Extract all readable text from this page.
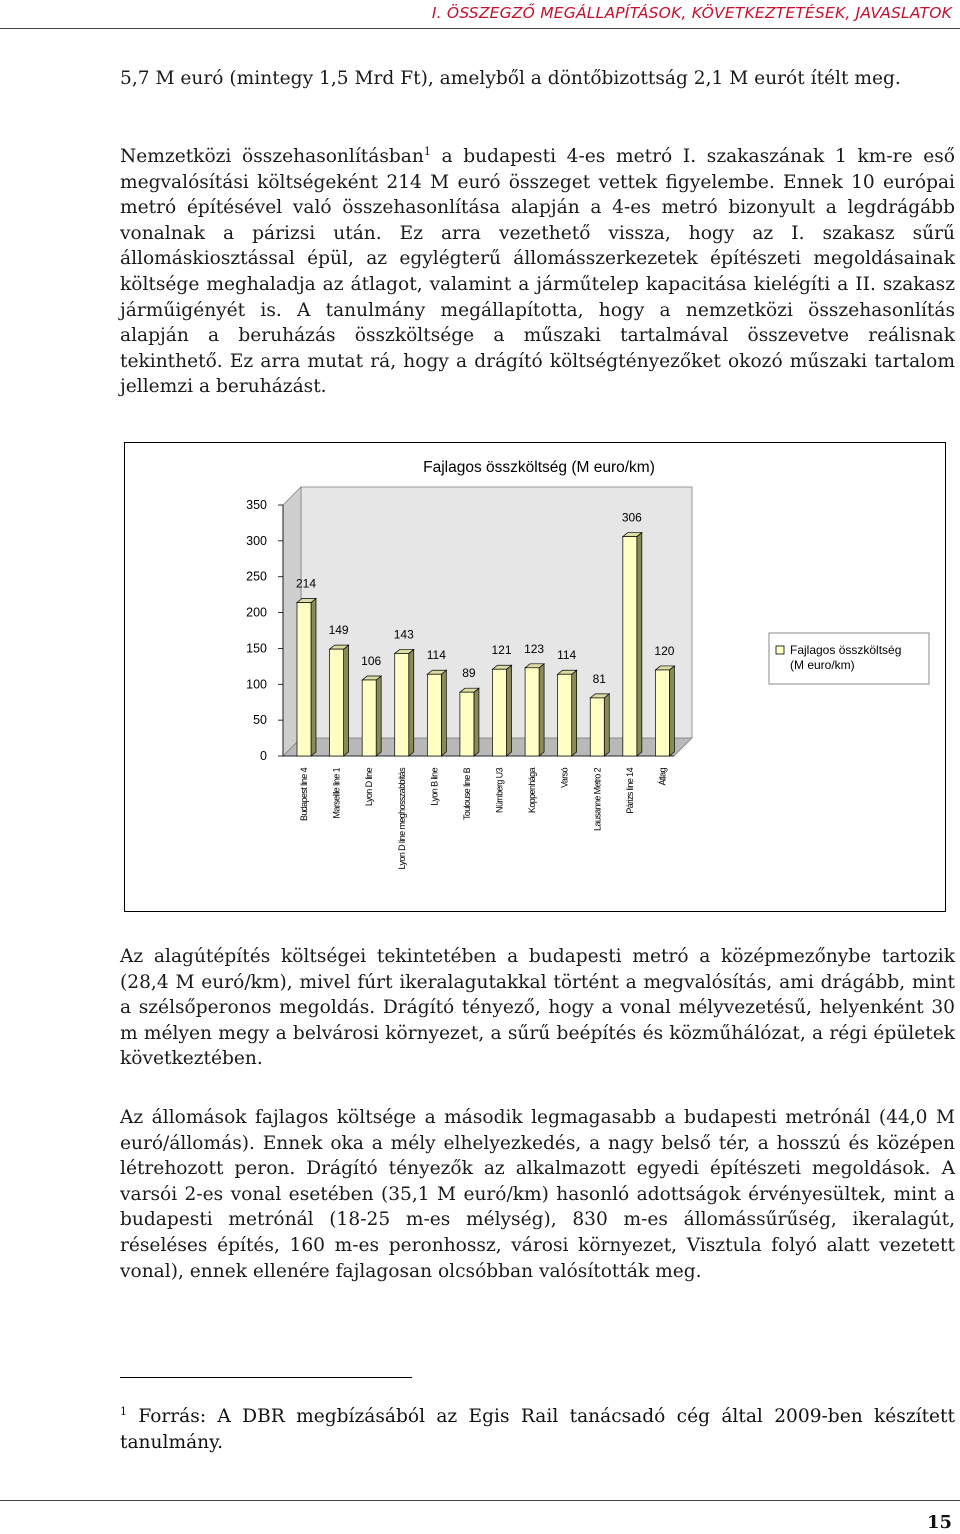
I. ÖSSZEGZŐ MEGÁLLAPÍTÁSOK, KÖVETKEZTETÉSEK, JAVASLATOK

5,7 M euró (mintegy 1,5 Mrd Ft), amelyből a döntőbizottság 2,1 M eurót ítélt meg.

Nemzetközi összehasonlításban$^1$ a budapesti 4-es metró I. szakaszának 1 km-re eső megvalósítási költségeként 214 M euró összeget vettek figyelembe. Ennek 10 európai metró építésével való összehasonlítása alapján a 4-es metró bizonyult a legdrágább vonalnak a párizsi után. Ez arra vezethető vissza, hogy az I. szakasz sűrű állomáskiosztással épül, az egylégterű állomásszerkezetek építészeti megoldásainak költsége meghaladja az átlagot, valamint a járműtelep kapacitása kielégíti a II. szakasz járműigényét is. A tanulmány megállapította, hogy a nemzetközi összehasonlítás alapján a beruházás összköltsége a műszaki tartalmával összevetve reálisnak tekinthető. Ez arra mutat rá, hogy a drágító költségtényezőket okozó műszaki tartalom jellemzi a beruházást.

Fajlagos összköltség (M euro/km)
0
50
100
150
200
250
300
350
214
Budapest line 4
149
Marseille line 1
106
Lyon D line
143
Lyon D line meghosszabbítás
114
Lyon B line
89
Toulouse line B
121
Nürnberg U3
123
Koppenhága
114
Varsó
81
Lausanne Metro 2
306
Párizs line 14
120
Átlag
Fajlagos összköltség
(M euro/km)

Az alagútépítés költségei tekintetében a budapesti metró a középmezőnybe tartozik (28,4 M euró/km), mivel fúrt ikeralagutakkal történt a megvalósítás, ami drágább, mint a szélsőperonos megoldás. Drágító tényező, hogy a vonal mélyvezetésű, helyenként 30 m mélyen megy a belvárosi környezet, a sűrű beépítés és közműhálózat, a régi épületek következtében.

Az állomások fajlagos költsége a második legmagasabb a budapesti metrónál (44,0 M euró/állomás). Ennek oka a mély elhelyezkedés, a nagy belső tér, a hosszú és középen létrehozott peron. Drágító tényezők az alkalmazott egyedi építészeti megoldások. A varsói 2-es vonal esetében (35,1 M euró/km) hasonló adottságok érvényesültek, mint a budapesti metrónál (18-25 m-es mélység), 830 m-es állomássűrűség, ikeralagút, réseléses építés, 160 m-es peronhossz, városi környezet, Visztula folyó alatt vezetett vonal), ennek ellenére fajlagosan olcsóbban valósították meg.

$^1$ Forrás: A DBR megbízásából az Egis Rail tanácsadó cég által 2009-ben készített tanulmány.
15
